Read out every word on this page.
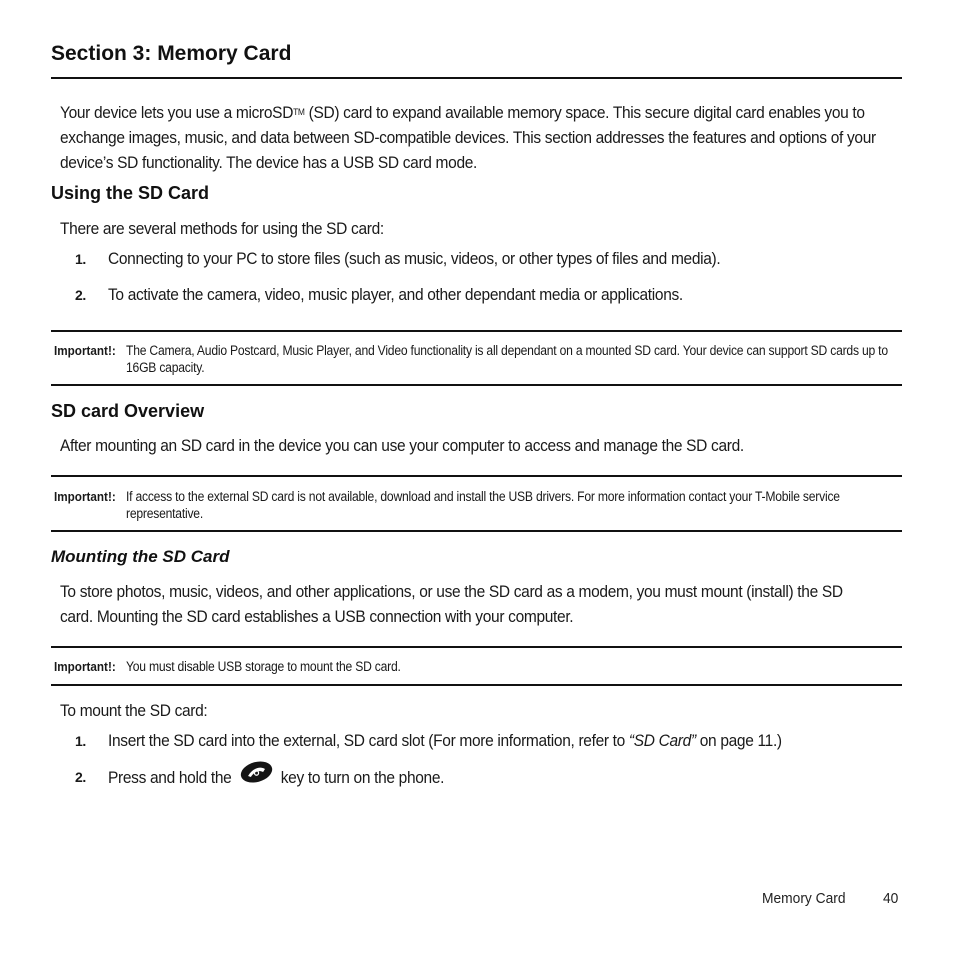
Section 3: Memory Card

Your device lets you use a microSD™ (SD) card to expand available memory space. This secure digital card enables you to exchange images, music, and data between SD-compatible devices. This section addresses the features and options of your device’s SD functionality. The device has a USB SD card mode.

Using the SD Card

There are several methods for using the SD card:

1. Connecting to your PC to store files (such as music, videos, or other types of files and media).
2. To activate the camera, video, music player, and other dependant media or applications.
Important!: The Camera, Audio Postcard, Music Player, and Video functionality is all dependant on a mounted SD card. Your device can support SD cards up to 16GB capacity.
SD card Overview

After mounting an SD card in the device you can use your computer to access and manage the SD card.

Important!: If access to the external SD card is not available, download and install the USB drivers. For more information contact your T-Mobile service representative.
Mounting the SD Card

To store photos, music, videos, and other applications, or use the SD card as a modem, you must mount (install) the SD card. Mounting the SD card establishes a USB connection with your computer.

Important!: You must disable USB storage to mount the SD card.

To mount the SD card:

1. Insert the SD card into the external, SD card slot (For more information, refer to “SD Card” on page 11.)
2. Press and hold the	key to turn on the phone.
Memory Card 40
